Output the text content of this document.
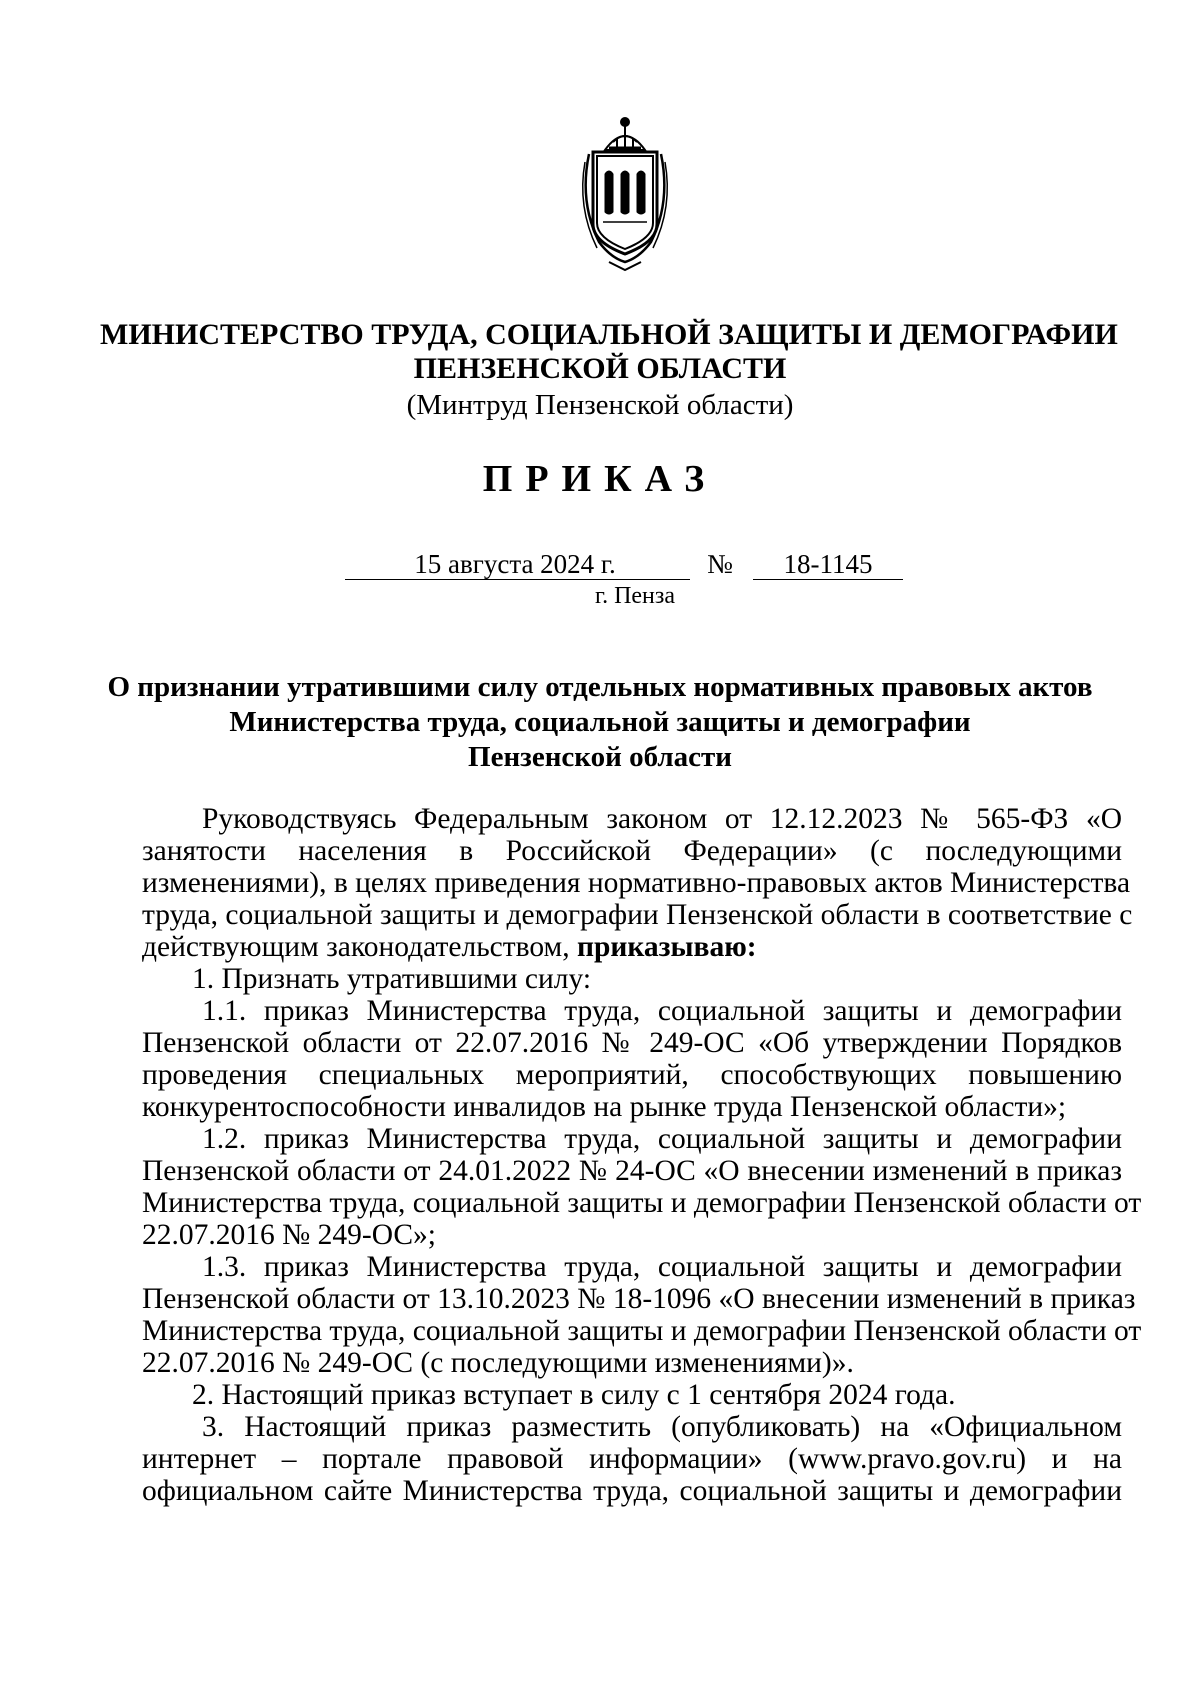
МИНИСТЕРСТВО ТРУДА, СОЦИАЛЬНОЙ ЗАЩИТЫ И ДЕМОГРАФИИ
ПЕНЗЕНСКОЙ ОБЛАСТИ
(Минтруд Пензенской области)
ПРИКАЗ
15 августа 2024 г.	№	18-1145
г. Пенза
О признании утратившими силу отдельных нормативных правовых актов
Министерства труда, социальной защиты и демографии
Пензенской области
Руководствуясь Федеральным законом от 12.12.2023 № 565-ФЗ «О
занятости населения в Российской Федерации» (с последующими
изменениями), в целях приведения нормативно-правовых актов Министерства
труда, социальной защиты и демографии Пензенской области в соответствие с
действующим законодательством, приказываю:
1. Признать утратившими силу:
1.1. приказ Министерства труда, социальной защиты и демографии
Пензенской области от 22.07.2016 № 249-ОС «Об утверждении Порядков
проведения специальных мероприятий, способствующих повышению
конкурентоспособности инвалидов на рынке труда Пензенской области»;
1.2. приказ Министерства труда, социальной защиты и демографии
Пензенской области от 24.01.2022 № 24-ОС «О внесении изменений в приказ
Министерства труда, социальной защиты и демографии Пензенской области от
22.07.2016 № 249-ОС»;
1.3. приказ Министерства труда, социальной защиты и демографии
Пензенской области от 13.10.2023 № 18-1096 «О внесении изменений в приказ
Министерства труда, социальной защиты и демографии Пензенской области от
22.07.2016 № 249-ОС (с последующими изменениями)».
2. Настоящий приказ вступает в силу с 1 сентября 2024 года.
3. Настоящий приказ разместить (опубликовать) на «Официальном
интернет – портале правовой информации» (www.pravo.gov.ru) и на
официальном сайте Министерства труда, социальной защиты и демографии
